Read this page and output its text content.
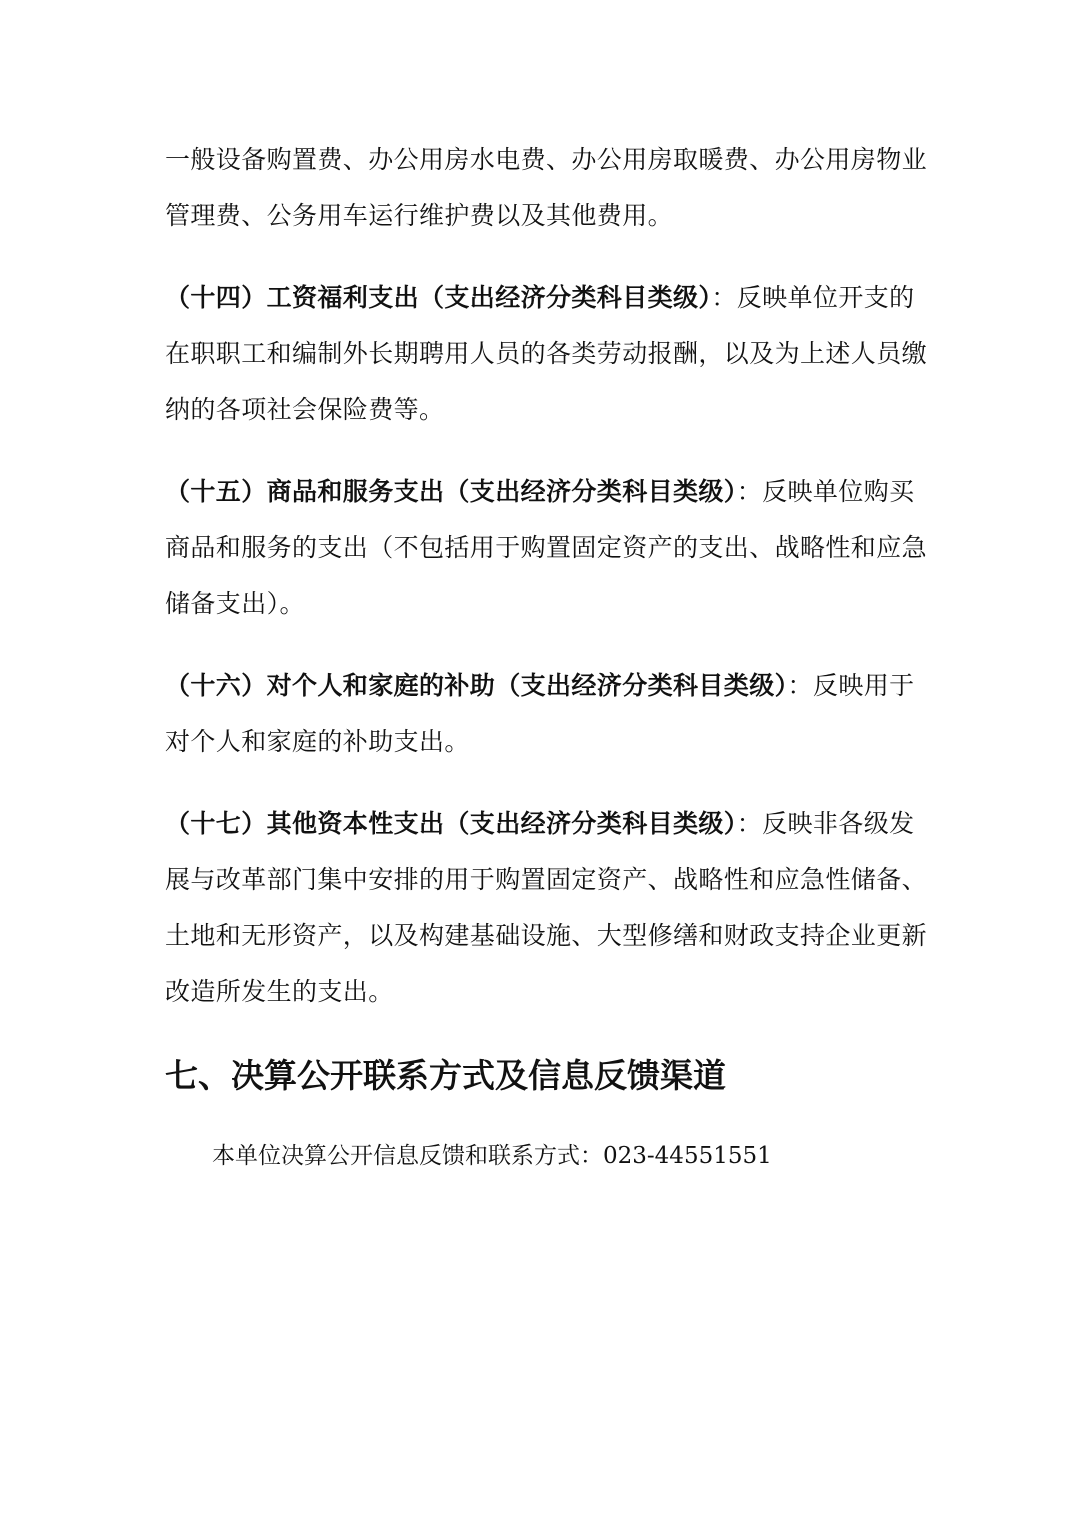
一般设备购置费、办公用房水电费、办公用房取暖费、办公用房物业
管理费、公务用车运行维护费以及其他费用。
（十四）工资福利支出（支出经济分类科目类级）：反映单位开支的
在职职工和编制外长期聘用人员的各类劳动报酬，以及为上述人员缴
纳的各项社会保险费等。
（十五）商品和服务支出（支出经济分类科目类级）：反映单位购买
商品和服务的支出（不包括用于购置固定资产的支出、战略性和应急
储备支出）。
（十六）对个人和家庭的补助（支出经济分类科目类级）：反映用于
对个人和家庭的补助支出。
（十七）其他资本性支出（支出经济分类科目类级）：反映非各级发
展与改革部门集中安排的用于购置固定资产、战略性和应急性储备、
土地和无形资产，以及构建基础设施、大型修缮和财政支持企业更新
改造所发生的支出。
七、决算公开联系方式及信息反馈渠道
本单位决算公开信息反馈和联系方式：023-44551551
